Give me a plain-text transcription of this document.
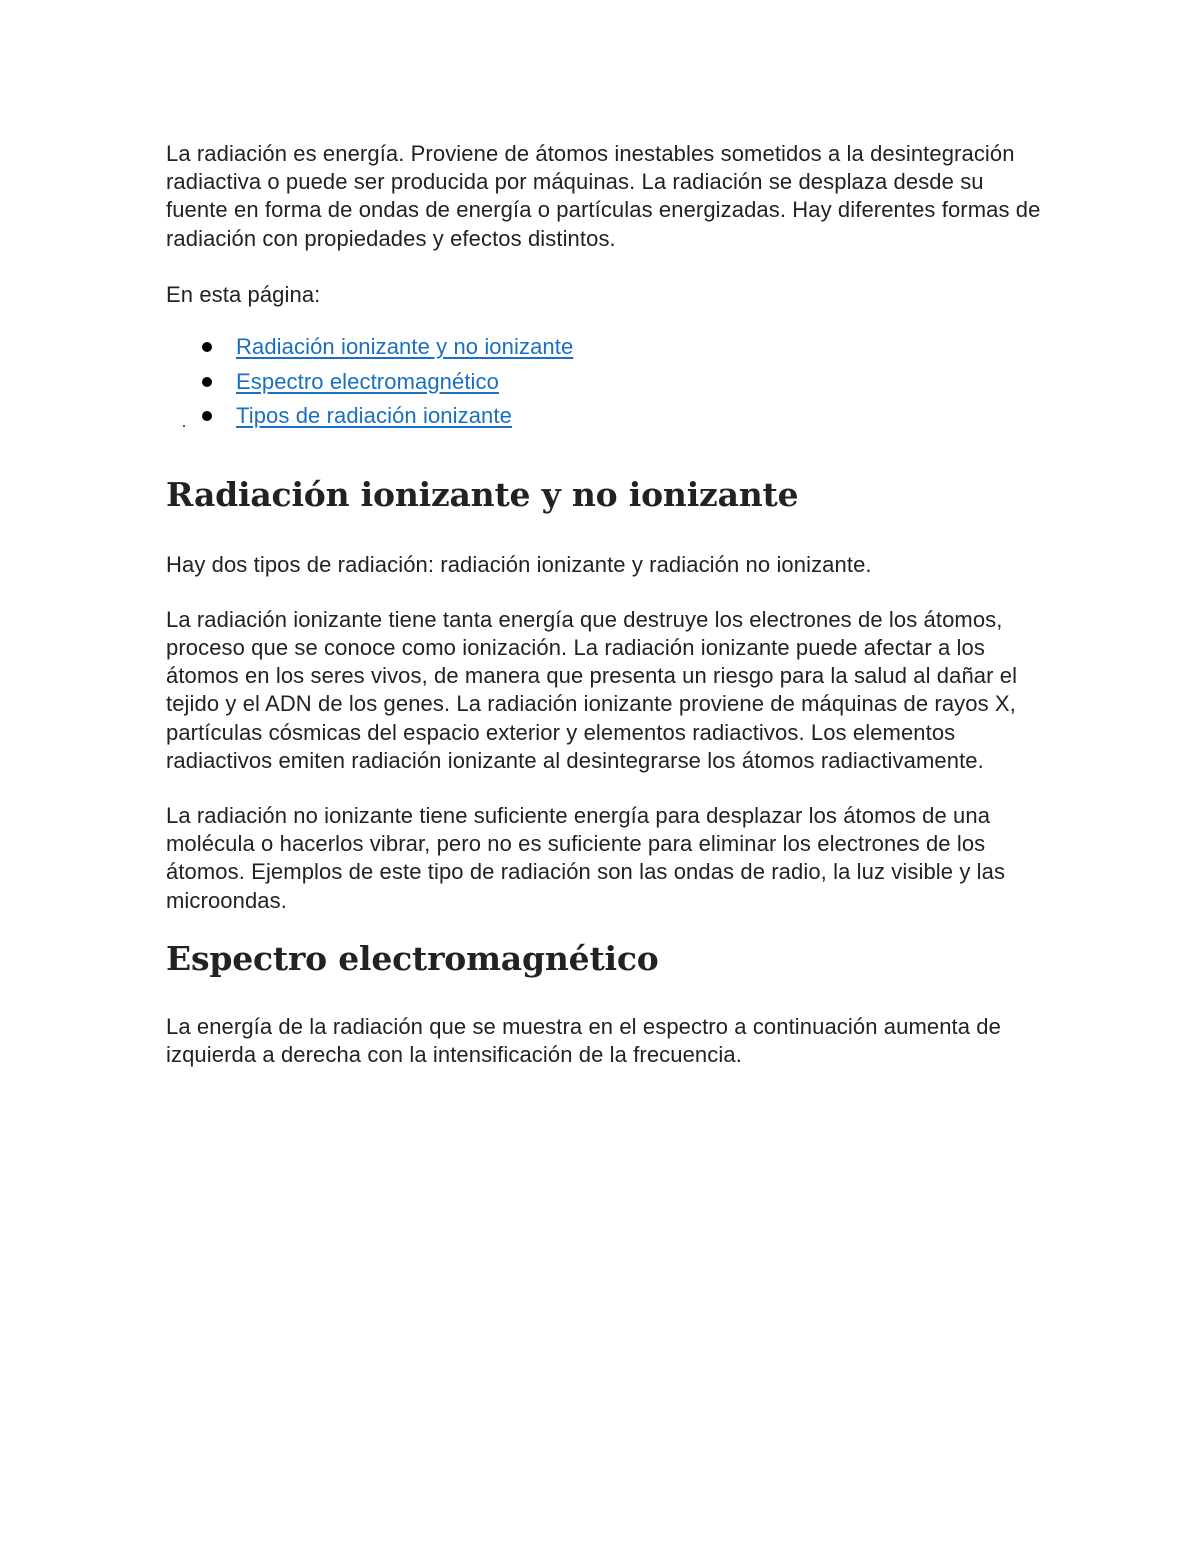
La radiación es energía. Proviene de átomos inestables sometidos a la desintegración radiactiva o puede ser producida por máquinas. La radiación se desplaza desde su fuente en forma de ondas de energía o partículas energizadas. Hay diferentes formas de radiación con propiedades y efectos distintos.

En esta página:

Radiación ionizante y no ionizante
Espectro electromagnético
Tipos de radiación ionizante
Radiación ionizante y no ionizante

Hay dos tipos de radiación: radiación ionizante y radiación no ionizante.

La radiación ionizante tiene tanta energía que destruye los electrones de los átomos, proceso que se conoce como ionización. La radiación ionizante puede afectar a los átomos en los seres vivos, de manera que presenta un riesgo para la salud al dañar el tejido y el ADN de los genes. La radiación ionizante proviene de máquinas de rayos X, partículas cósmicas del espacio exterior y elementos radiactivos. Los elementos radiactivos emiten radiación ionizante al desintegrarse los átomos radiactivamente.

La radiación no ionizante tiene suficiente energía para desplazar los átomos de una molécula o hacerlos vibrar, pero no es suficiente para eliminar los electrones de los átomos. Ejemplos de este tipo de radiación son las ondas de radio, la luz visible y las microondas.

Espectro electromagnético

La energía de la radiación que se muestra en el espectro a continuación aumenta de izquierda a derecha con la intensificación de la frecuencia.
